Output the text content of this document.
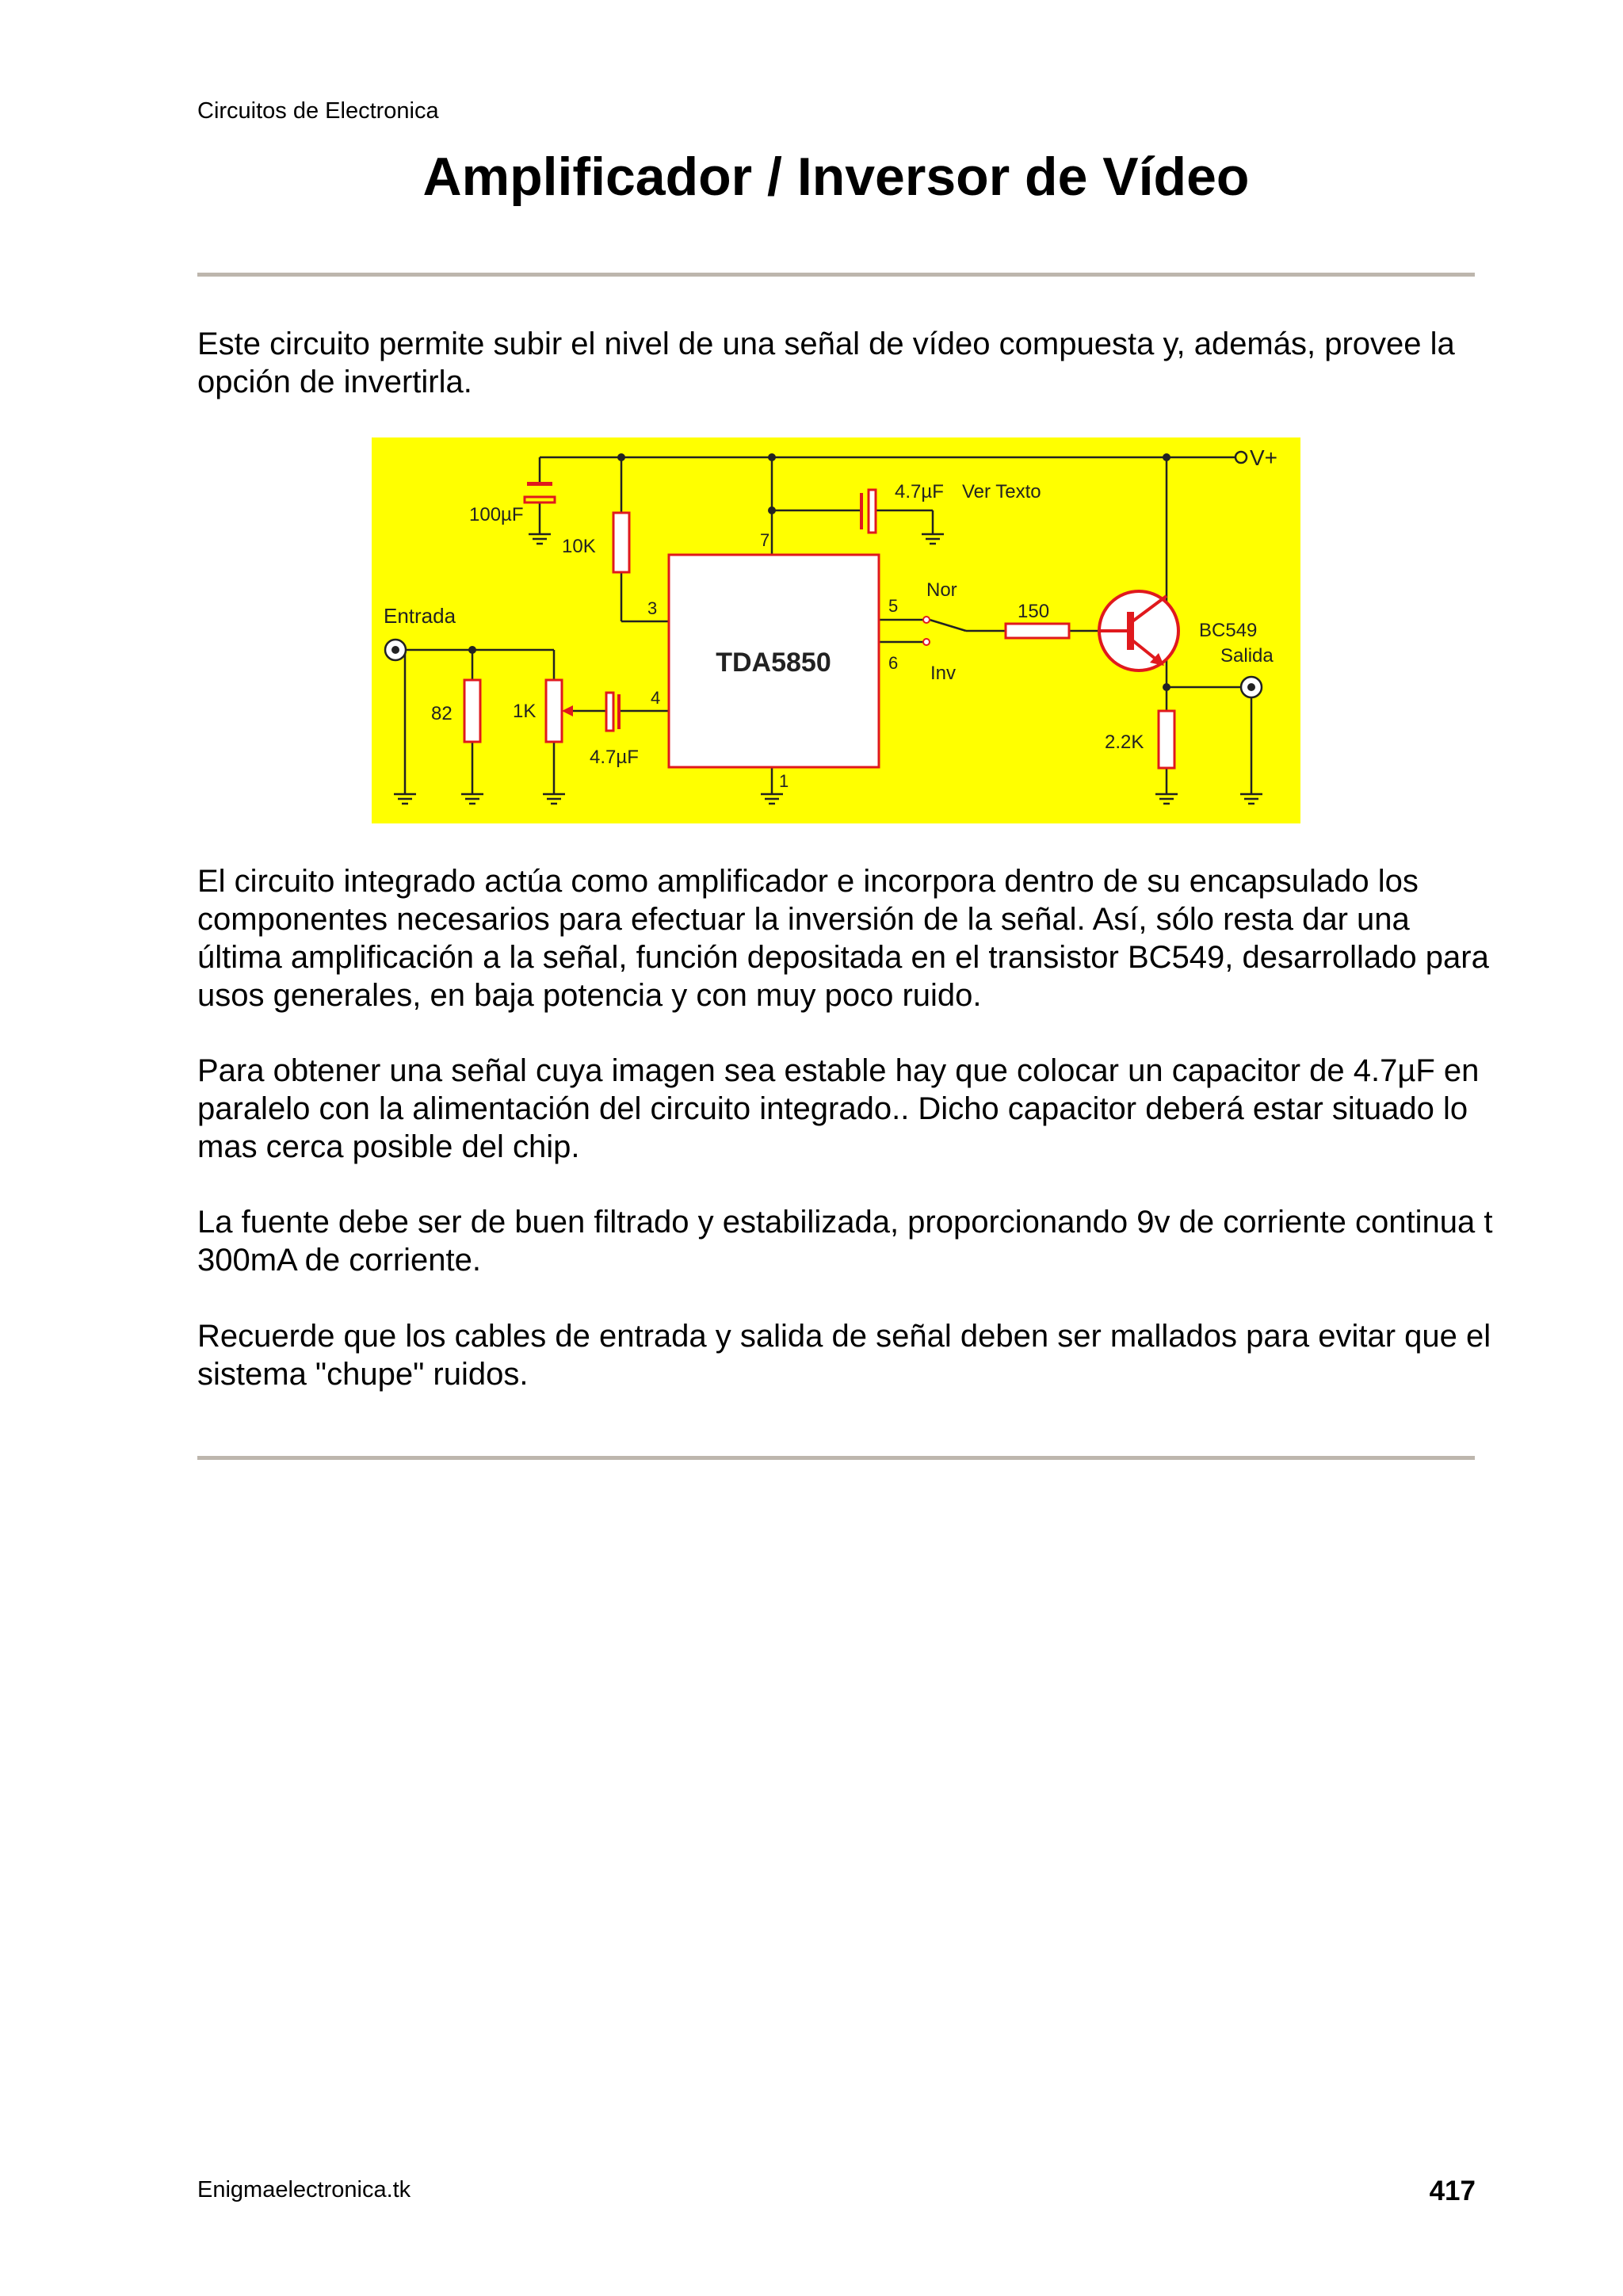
Circuitos de Electronica
Amplificador / Inversor de Vídeo

Este circuito permite subir el nivel de una señal de vídeo compuesta y, además, provee la opción de invertirla.

V+
100µF
10K
4.7µF Ver Texto
TDA5850
7
3
4
5
6
1
Entrada
82	1K
4.7µF
Nor
Inv
150
BC549
Salida
2.2K

El circuito integrado actúa como amplificador e incorpora dentro de su encapsulado los componentes necesarios para efectuar la inversión de la señal. Así, sólo resta dar una última amplificación a la señal, función depositada en el transistor BC549, desarrollado para usos generales, en baja potencia y con muy poco ruido.

Para obtener una señal cuya imagen sea estable hay que colocar un capacitor de 4.7µF en paralelo con la alimentación del circuito integrado.. Dicho capacitor deberá estar situado lo mas cerca posible del chip.

La fuente debe ser de buen filtrado y estabilizada, proporcionando 9v de corriente continua t 300mA de corriente.

Recuerde que los cables de entrada y salida de señal deben ser mallados para evitar que el sistema "chupe" ruidos.

Enigmaelectronica.tk	417
